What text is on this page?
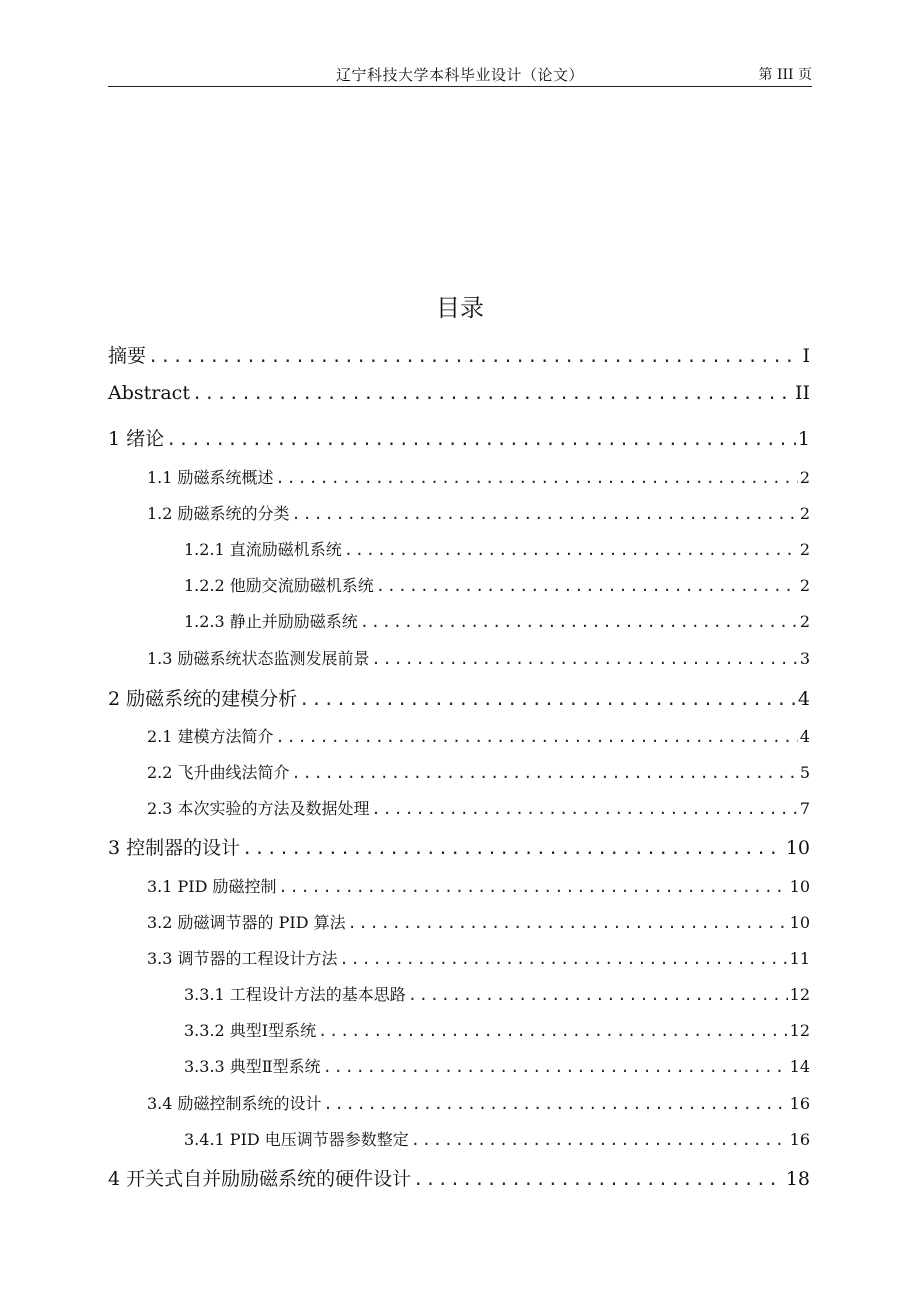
辽宁科技大学本科毕业设计（论文）	第 III 页
目录
摘要 .....	I
Abstract .....	II
1 绪论 .....	1
1.1 励磁系统概述 .....	2
1.2 励磁系统的分类 .....	2
1.2.1 直流励磁机系统 .....	2
1.2.2 他励交流励磁机系统 .....	2
1.2.3 静止并励励磁系统 .....	2
1.3 励磁系统状态监测发展前景 .....	3
2 励磁系统的建模分析 .....	4
2.1 建模方法简介 .....	4
2.2 飞升曲线法简介 .....	5
2.3 本次实验的方法及数据处理 .....	7
3 控制器的设计 .....	10
3.1 PID 励磁控制 .....	10
3.2 励磁调节器的 PID 算法 .....	10
3.3 调节器的工程设计方法 .....	11
3.3.1 工程设计方法的基本思路 .....	12
3.3.2 典型Ⅰ型系统 .....	12
3.3.3 典型Ⅱ型系统 .....	14
3.4 励磁控制系统的设计 .....	16
3.4.1 PID 电压调节器参数整定 .....	16
4 开关式自并励励磁系统的硬件设计 .....	18
